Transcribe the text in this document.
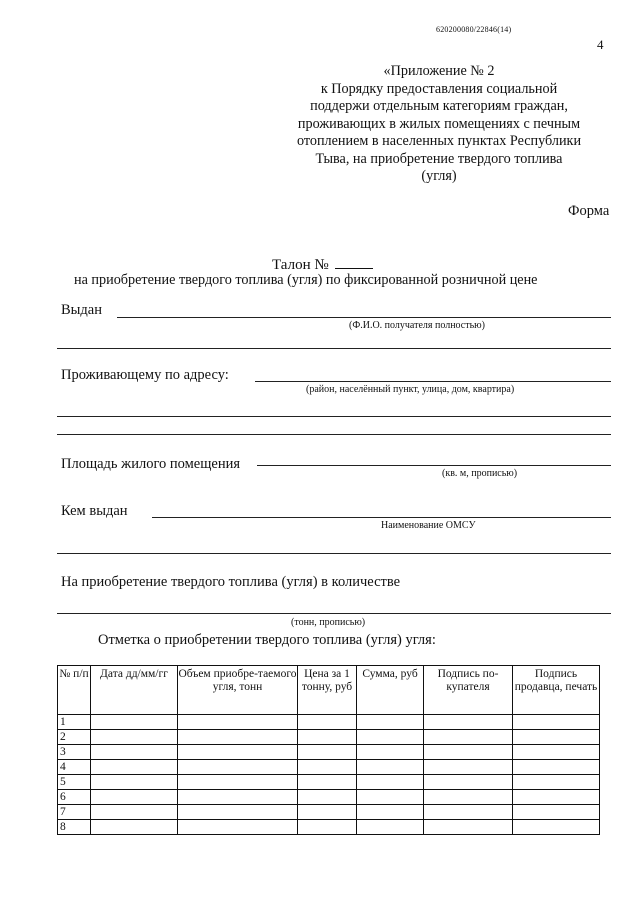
620200080/22846(14)
4
«Приложение № 2
к Порядку предоставления социальной
поддержи отдельным категориям граждан,
проживающих в жилых помещениях с печным
отоплением в населенных пунктах Республики
Тыва, на приобретение твердого топлива
(угля)
Форма
Талон №
на приобретение твердого топлива (угля) по фиксированной розничной цене
Выдан
(Ф.И.О. получателя полностью)
Проживающему по адресу:
(район, населённый пункт, улица, дом, квартира)
Площадь жилого помещения
(кв. м, прописью)
Кем выдан
Наименование ОМСУ
На приобретение твердого топлива (угля) в количестве
(тонн, прописью)
Отметка о приобретении твердого топлива (угля) угля:
№ п/п	Дата дд/мм/гг	Объем приобре-таемого угля, тонн	Цена за 1 тонну, руб	Сумма, руб	Подпись по-купателя	Подпись продавца, печать
1						
2						
3						
4						
5						
6						
7						
8						
